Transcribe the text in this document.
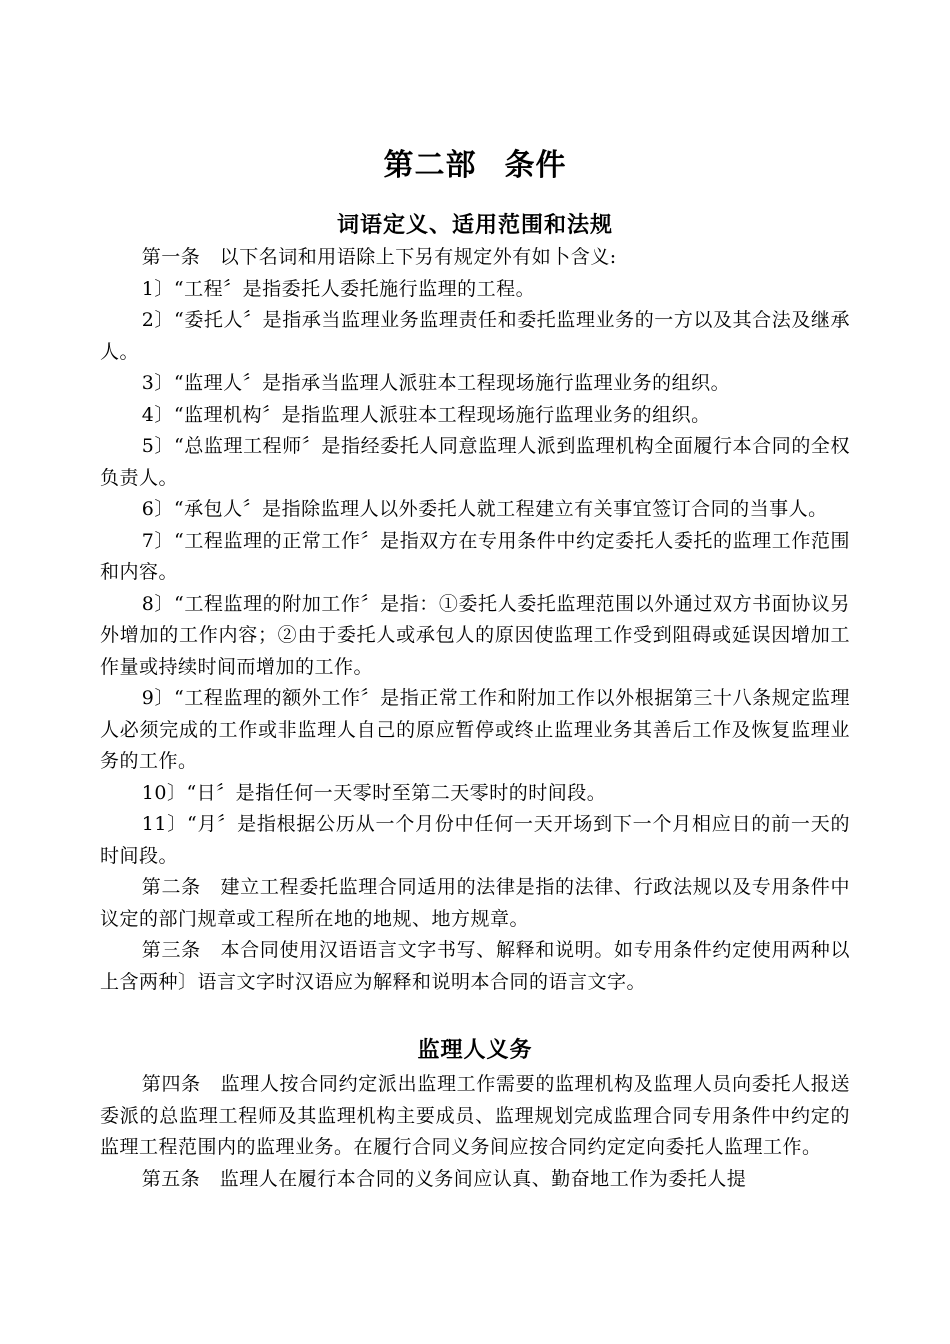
第二部 条件
词语定义、适用范围和法规

第一条　以下名词和用语除上下另有规定外有如卜含义:

1〕“工程〞是指委托人委托施行监理的工程。

2〕“委托人〞是指承当监理业务监理责任和委托监理业务的一方以及其合法及继承人。

3〕“监理人〞是指承当监理人派驻本工程现场施行监理业务的组织。

4〕“监理机构〞是指监理人派驻本工程现场施行监理业务的组织。

5〕“总监理工程师〞是指经委托人同意监理人派到监理机构全面履行本合同的全权负责人。

6〕“承包人〞是指除监理人以外委托人就工程建立有关事宜签订合同的当事人。

7〕“工程监理的正常工作〞是指双方在专用条件中约定委托人委托的监理工作范围和内容。

8〕“工程监理的附加工作〞是指：①委托人委托监理范围以外通过双方书面协议另外增加的工作内容；②由于委托人或承包人的原因使监理工作受到阻碍或延误因增加工作量或持续时间而增加的工作。

9〕“工程监理的额外工作〞是指正常工作和附加工作以外根据第三十八条规定监理人必须完成的工作或非监理人自己的原应暂停或终止监理业务其善后工作及恢复监理业务的工作。

10〕“日〞是指任何一天零时至第二天零时的时间段。

11〕“月〞是指根据公历从一个月份中任何一天开场到下一个月相应日的前一天的时间段。

第二条　建立工程委托监理合同适用的法律是指的法律、行政法规以及专用条件中议定的部门规章或工程所在地的地规、地方规章。

第三条　本合同使用汉语语言文字书写、解释和说明。如专用条件约定使用两种以上含两种〕语言文字时汉语应为解释和说明本合同的语言文字。

监理人义务

第四条　监理人按合同约定派出监理工作需要的监理机构及监理人员向委托人报送委派的总监理工程师及其监理机构主要成员、监理规划完成监理合同专用条件中约定的监理工程范围内的监理业务。在履行合同义务间应按合同约定定向委托人监理工作。

第五条　监理人在履行本合同的义务间应认真、勤奋地工作为委托人提
